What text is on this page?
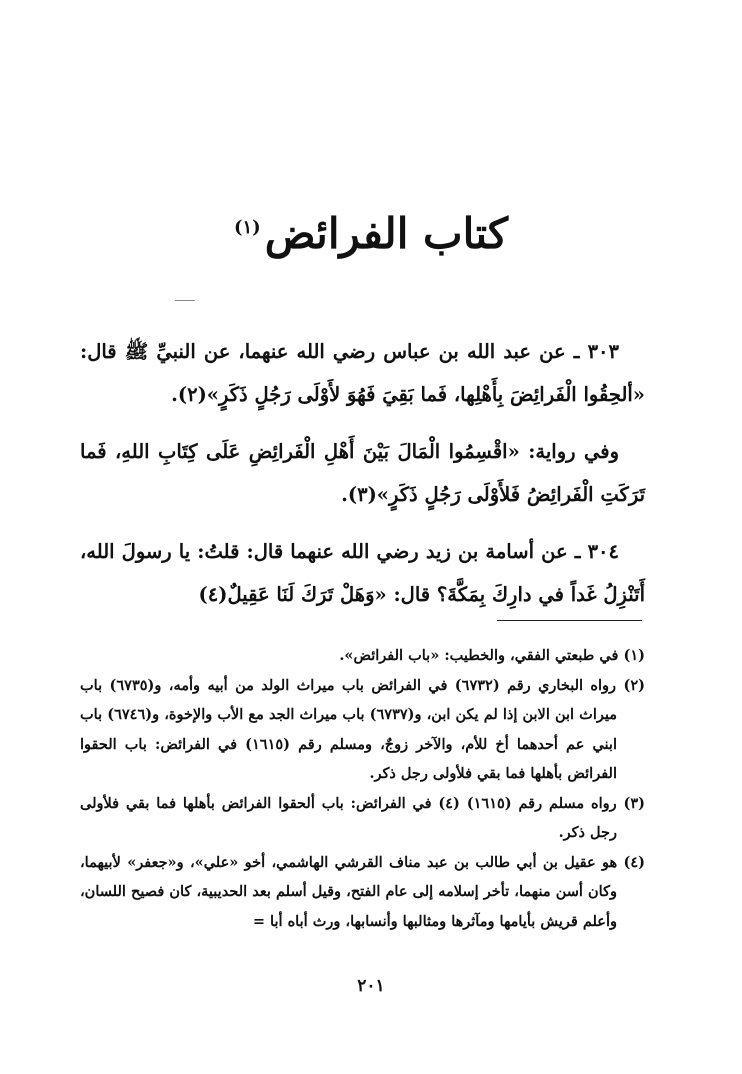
كتاب الفرائض$^{(١)}$

٣٠٣ ـ عن عبد الله بن عباس رضي الله عنهما، عن النبيِّ ﷺ قال: «ألحِقُوا الْفَرائِضَ بِأَهْلِها، فَما بَقِيَ فَهُوَ لأَوْلَى رَجُلٍ ذَكَرٍ»(٢).

وفي رواية: «اقْسِمُوا الْمَالَ بَيْنَ أَهْلِ الْفَرائِضِ عَلَى كِتَابِ اللهِ، فَما تَرَكَتِ الْفَرائِضُ فَلأَوْلَى رَجُلٍ ذَكَرٍ»(٣).

٣٠٤ ـ عن أسامة بن زيد رضي الله عنهما قال: قلتُ: يا رسولَ الله، أَتَنْزِلُ غَداً في دارِكَ بِمَكَّةَ؟ قال: «وَهَلْ تَرَكَ لَنَا عَقِيلٌ(٤)

(١) في طبعتي الفقي، والخطيب: «باب الفرائض».

(٢) رواه البخاري رقم (٦٧٣٢) في الفرائض باب ميراث الولد من أبيه وأمه، و(٦٧٣٥) باب ميراث ابن الابن إذا لم يكن ابن، و(٦٧٣٧) باب ميراث الجد مع الأب والإخوة، و(٦٧٤٦) باب ابني عم أحدهما أخ للأم، والآخر زوجٌ، ومسلم رقم (١٦١٥) في الفرائض: باب الحقوا الفرائض بأهلها فما بقي فلأولى رجل ذكر.

(٣) رواه مسلم رقم (١٦١٥) (٤) في الفرائض: باب ألحقوا الفرائض بأهلها فما بقي فلأولى رجل ذكر.

(٤) هو عقيل بن أبي طالب بن عبد مناف القرشي الهاشمي، أخو «علي»، و«جعفر» لأبيهما، وكان أسن منهما، تأخر إسلامه إلى عام الفتح، وقيل أسلم بعد الحديبية، كان فصيح اللسان، وأعلم قريش بأيامها ومآثرها ومثالبها وأنسابها، ورث أباه أبا =

٢٠١
